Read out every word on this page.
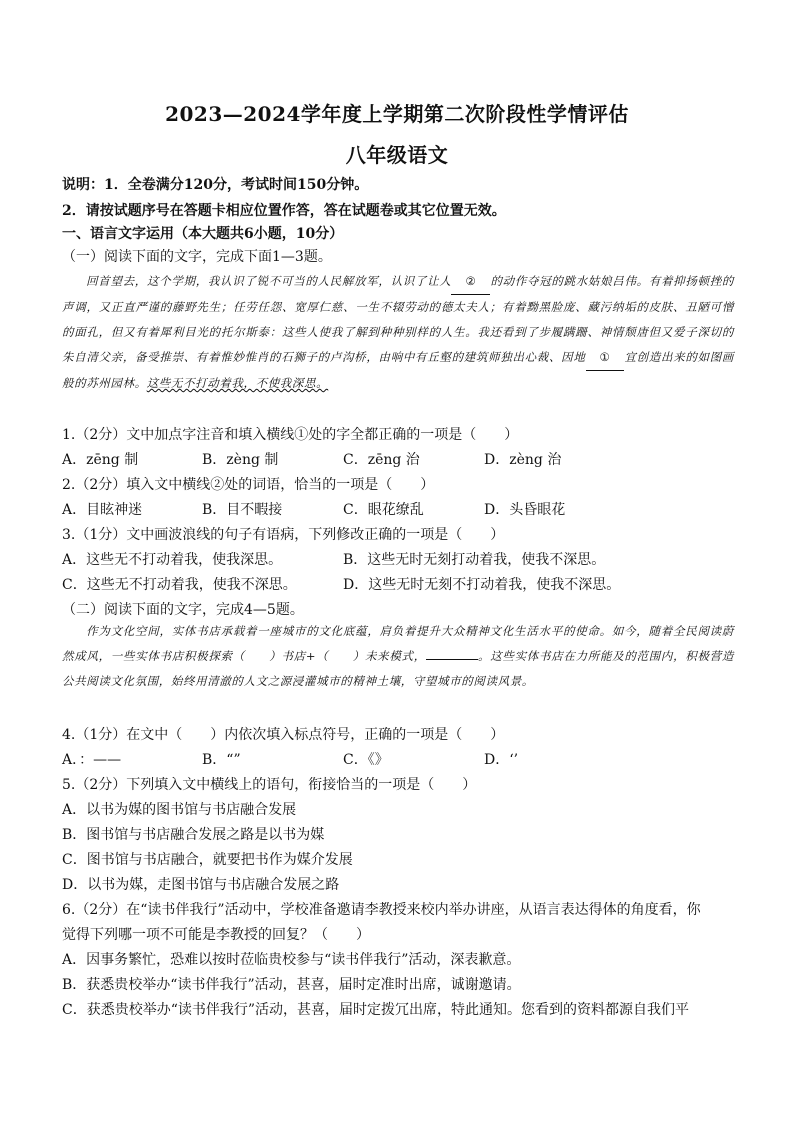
2023—2024学年度上学期第二次阶段性学情评估
八年级语文
说明：1．全卷满分120分，考试时间150分钟。
2．请按试题序号在答题卡相应位置作答，答在试题卷或其它位置无效。
一、语言文字运用（本大题共6小题，10分）
（一）阅读下面的文字，完成下面1—3题。
回首望去，这个学期，我认识了锐不可当的人民解放军，认识了让人 ② 的动作夺冠的跳水姑娘吕伟。有着抑扬顿挫的声调，又正直严谨的藤野先生；任劳任怨、宽厚仁慈、一生不辍劳动的德太夫人；有着黝黑脸庞、藏污纳垢的皮肤、丑陋可憎的面孔，但又有着犀利目光的托尔斯泰：这些人使我了解到种种别样的人生。我还看到了步履蹒跚、神情颓唐但又爱子深切的朱自清父亲，备受推崇、有着惟妙惟肖的石狮子的卢沟桥，由响中有丘壑的建筑师独出心裁、因地 ① 宜创造出来的如图画般的苏州园林。这些无不打动着我，不使我深思。
1.（2分）文中加点字注音和填入横线①处的字全都正确的一项是（　　）
A．zēng 制	B．zèng 制	C．zēng 治	D．zèng 治
2.（2分）填入文中横线②处的词语，恰当的一项是（　　）
A．目眩神迷	B．目不暇接	C．眼花缭乱	D．头昏眼花
3.（1分）文中画波浪线的句子有语病，下列修改正确的一项是（　　）
A．这些无不打动着我，使我深思。	B．这些无时无刻打动着我，使我不深思。
C．这些无不打动着我，使我不深思。	D．这些无时无刻不打动着我，使我不深思。
（二）阅读下面的文字，完成4—5题。
作为文化空间，实体书店承载着一座城市的文化底蕴，肩负着提升大众精神文化生活水平的使命。如今，随着全民阅读蔚然成风，一些实体书店积极探索（　　）书店+（　　）未来模式，	。这些实体书店在力所能及的范围内，积极营造公共阅读文化氛围，始终用清澈的人文之源浸灌城市的精神土壤，守望城市的阅读风景。
4.（1分）在文中（　　）内依次填入标点符号，正确的一项是（　　）
A．：——	B．“”	C．《》	D．‘’
5.（2分）下列填入文中横线上的语句，衔接恰当的一项是（　　）
A．以书为媒的图书馆与书店融合发展
B．图书馆与书店融合发展之路是以书为媒
C．图书馆与书店融合，就要把书作为媒介发展
D．以书为媒，走图书馆与书店融合发展之路
6.（2分）在“读书伴我行”活动中，学校准备邀请李教授来校内举办讲座，从语言表达得体的角度看，你
觉得下列哪一项不可能是李教授的回复？（　　）
A．因事务繁忙，恐难以按时莅临贵校参与“读书伴我行”活动，深表歉意。
B．获悉贵校举办“读书伴我行”活动，甚喜，届时定准时出席，诚谢邀请。
C．获悉贵校举办“读书伴我行”活动，甚喜，届时定拨冗出席，特此通知。您看到的资料都源自我们平
